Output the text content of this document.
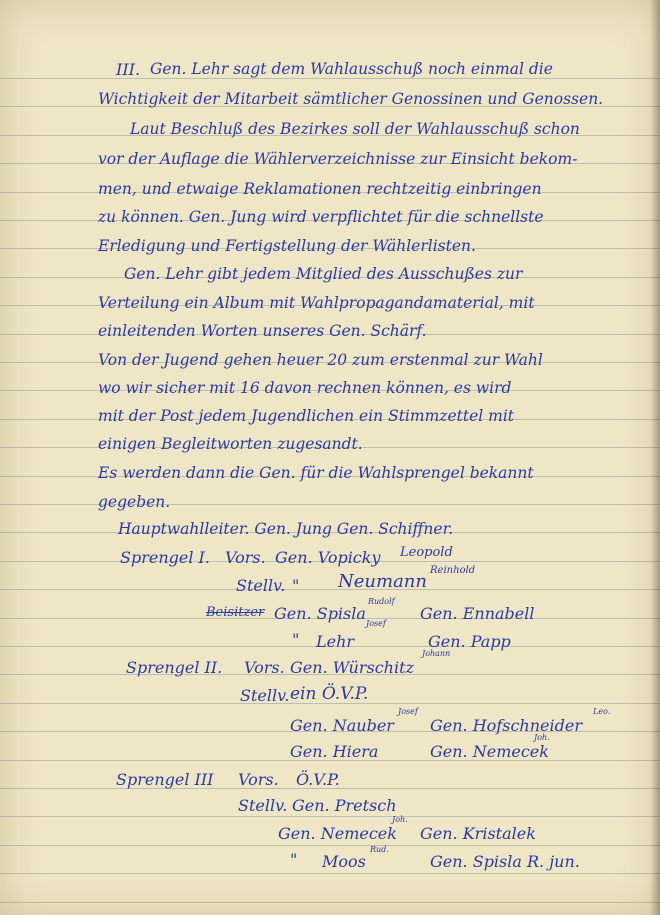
III. Gen. Lehr sagt dem Wahlausschuß noch einmal die
Wichtigkeit der Mitarbeit sämtlicher Genossinen und Genossen.
Laut Beschluß des Bezirkes soll der Wahlausschuß schon
vor der Auflage die Wählerverzeichnisse zur Einsicht bekom-
men, und etwaige Reklamationen rechtzeitig einbringen
zu können. Gen. Jung wird verpflichtet für die schnellste
Erledigung und Fertigstellung der Wählerlisten.
Gen. Lehr gibt jedem Mitglied des Ausschußes zur
Verteilung ein Album mit Wahlpropagandamaterial, mit
einleitenden Worten unseres Gen. Schärf.
Von der Jugend gehen heuer 20 zum erstenmal zur Wahl
wo wir sicher mit 16 davon rechnen können, es wird
mit der Post jedem Jugendlichen ein Stimmzettel mit
einigen Begleitworten zugesandt.
Es werden dann die Gen. für die Wahlsprengel bekannt
gegeben.
Hauptwahlleiter. Gen. Jung Gen. Schiffner.
Sprengel I. Vors. Gen. Vopicky Leopold
Stellv. " Neumann
Reinhold
Beisitzer Gen. Spisla
Rudolf
Gen. Ennabell
" Lehr
Josef
Gen. Papp
Sprengel II. Vors. Gen. Würschitz
Johann
Stellv. ein Ö.V.P.
Gen. Nauber
Josef
Gen. Hofschneider
Leo.
Gen. Hiera	Gen. Nemecek
Joh.
Sprengel III Vors. Ö.V.P.
Stellv. Gen. Pretsch
Gen. Nemecek
Joh.
Gen. Kristalek
" Moos
Rud.
Gen. Spisla R. jun.
